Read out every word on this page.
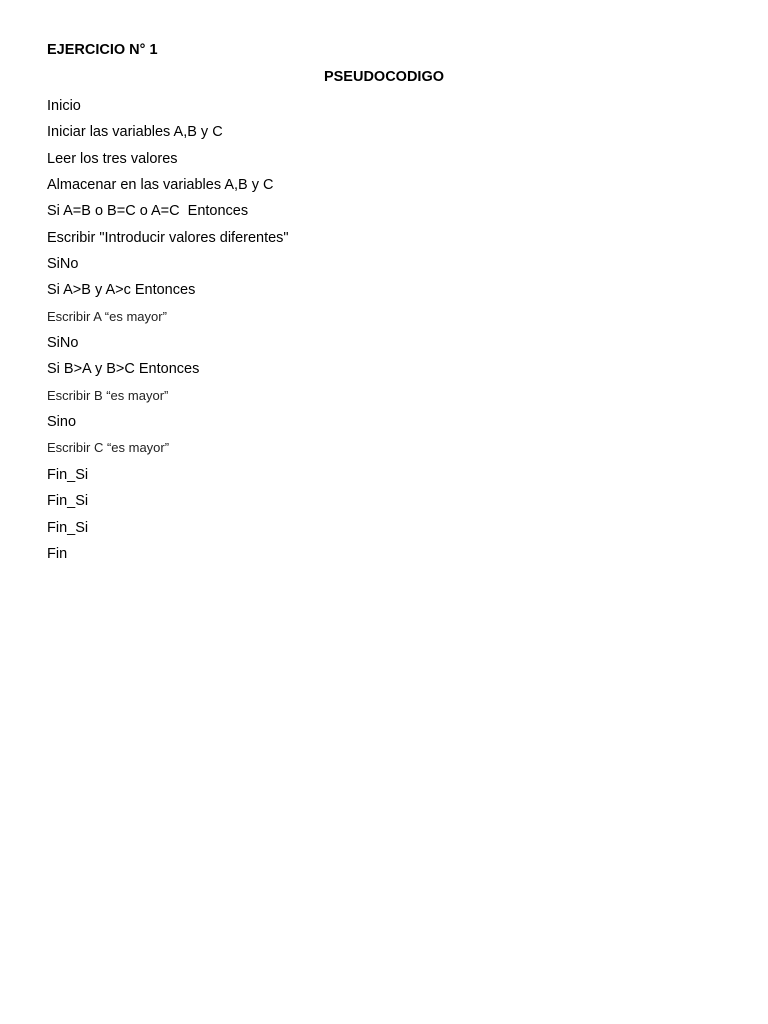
EJERCICIO N° 1
PSEUDOCODIGO
Inicio
Iniciar las variables A,B y C
Leer los tres valores
Almacenar en las variables A,B y C
Si A=B o B=C o A=C  Entonces
Escribir "Introducir valores diferentes"
SiNo
Si A>B y A>c Entonces
Escribir A “es mayor”
SiNo
Si B>A y B>C Entonces
Escribir B “es mayor”
Sino
Escribir C “es mayor”
Fin_Si
Fin_Si
Fin_Si
Fin
